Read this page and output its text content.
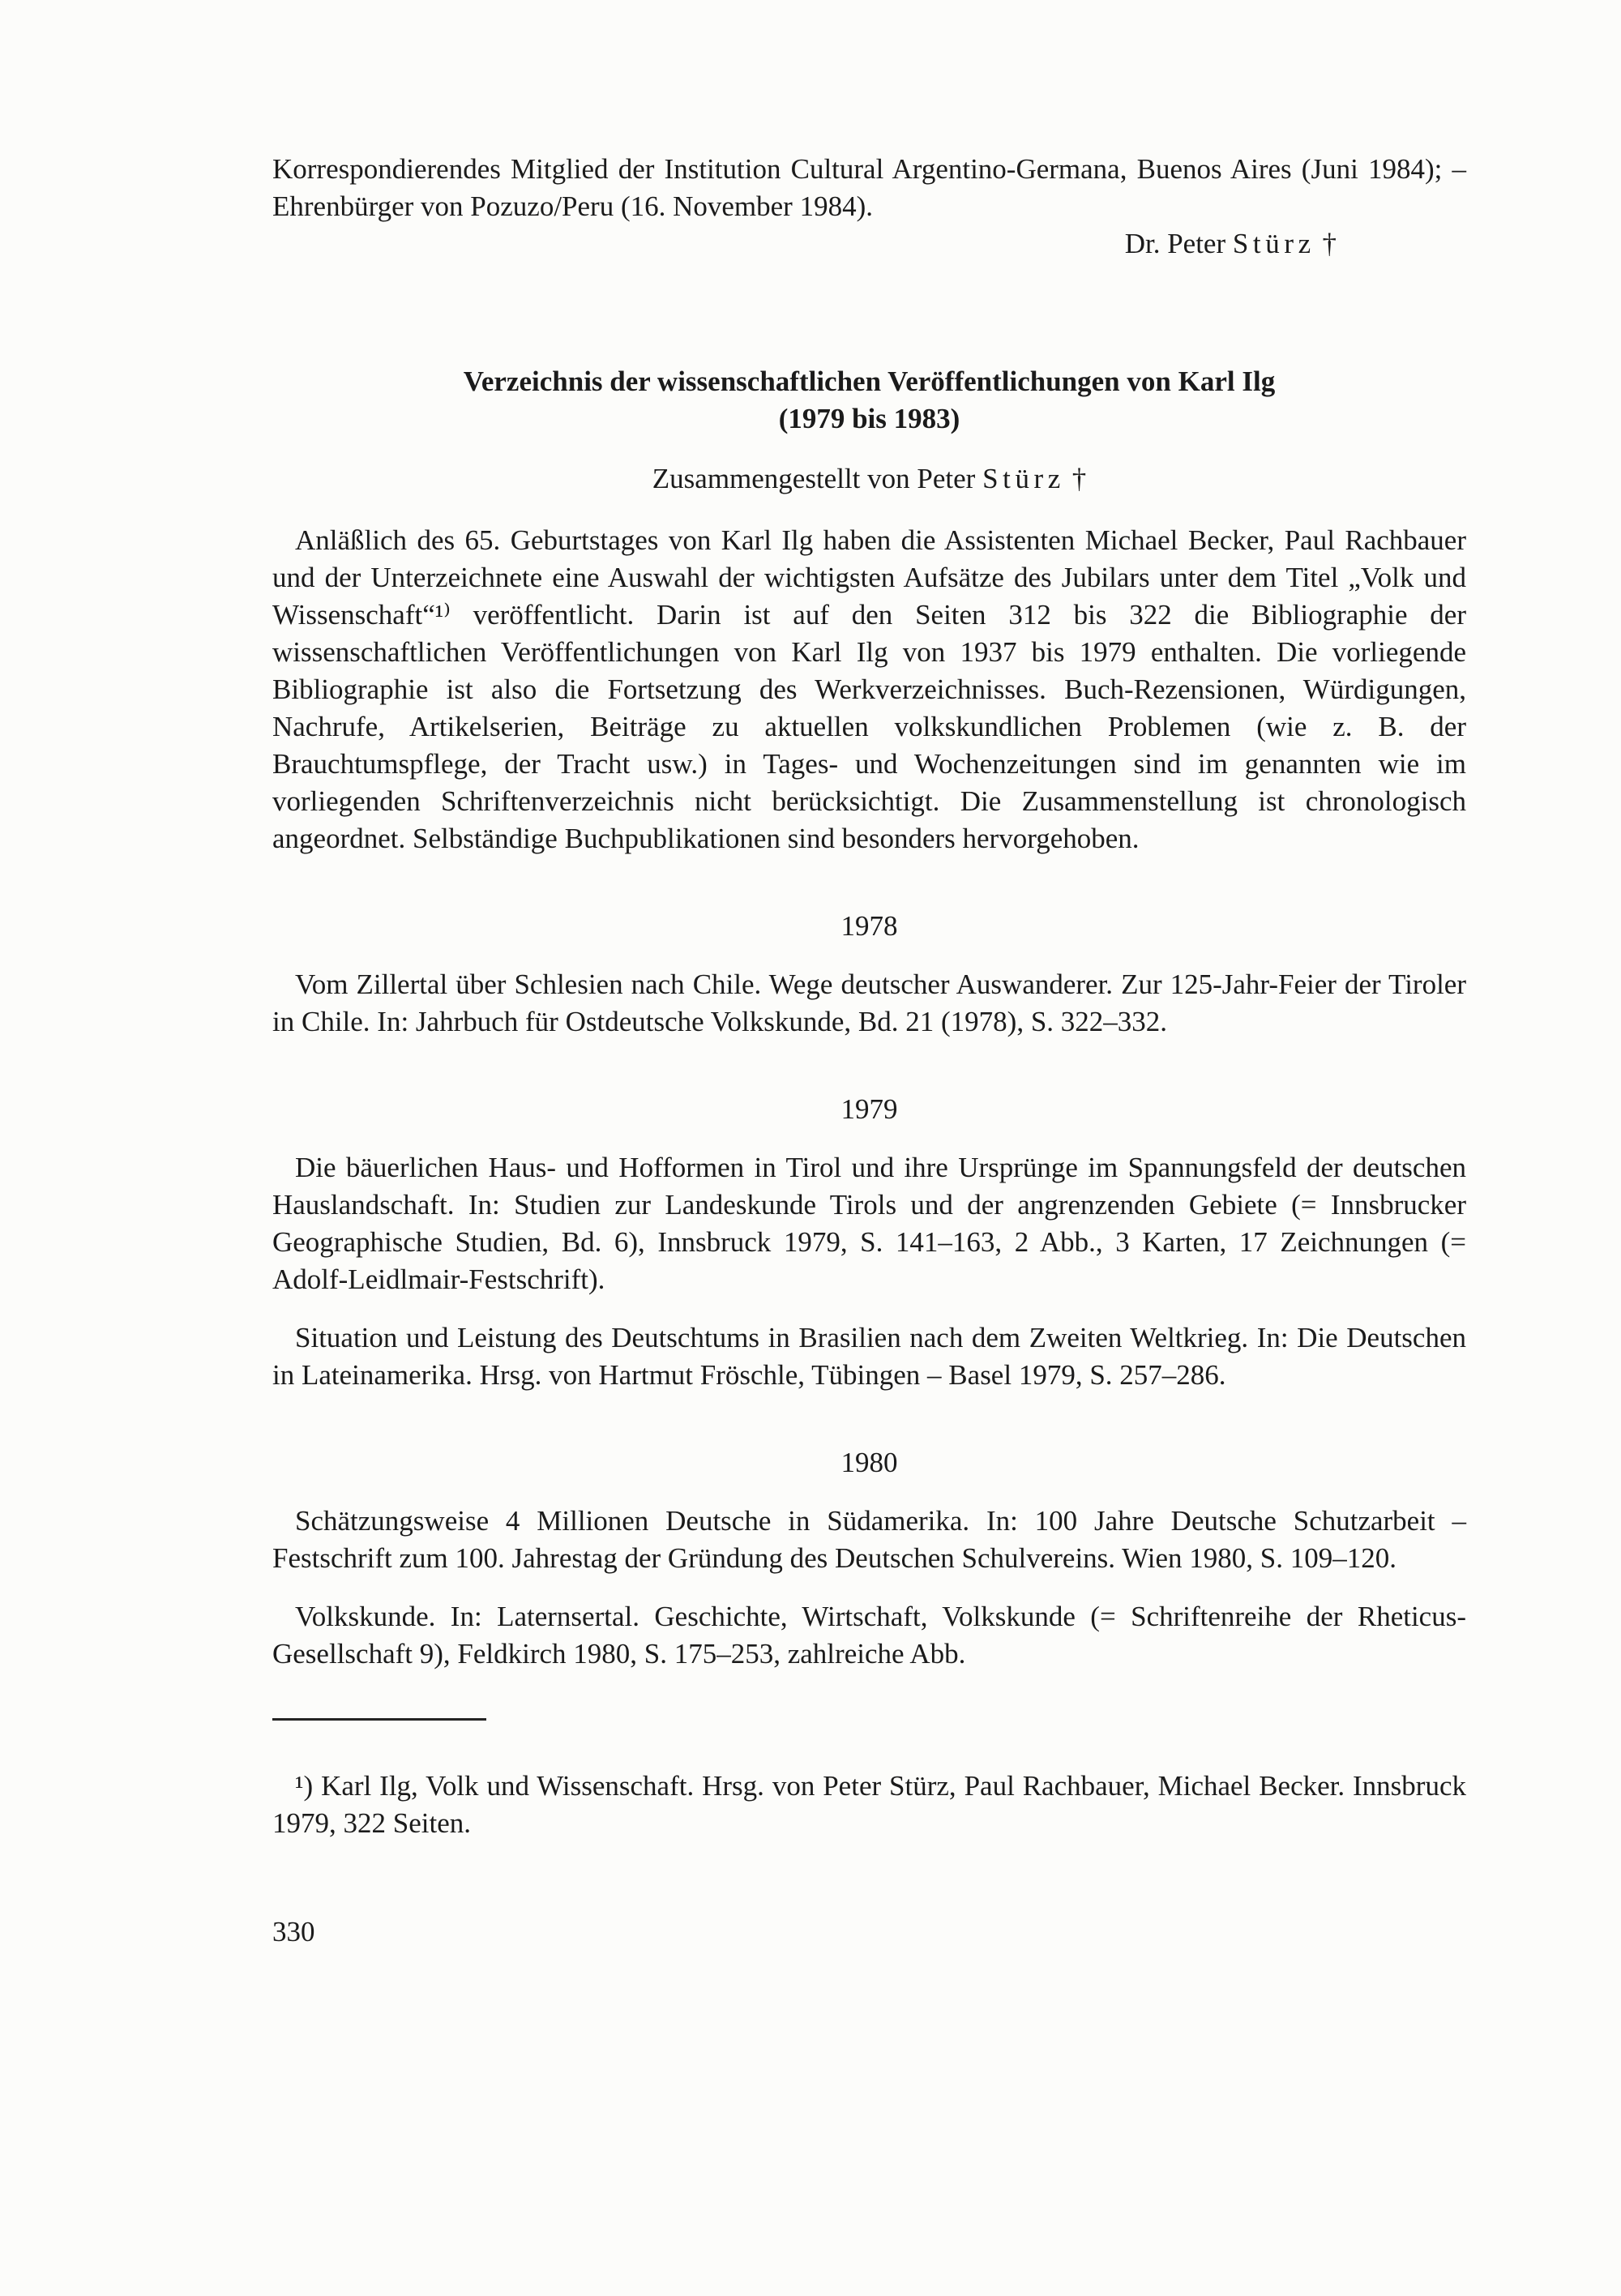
Korrespondierendes Mitglied der Institution Cultural Argentino-Germana, Buenos Aires (Juni 1984); – Ehrenbürger von Pozuzo/Peru (16. November 1984).

Dr. Peter Stürz †

Verzeichnis der wissenschaftlichen Veröffentlichungen von Karl Ilg
(1979 bis 1983)

Zusammengestellt von Peter Stürz †

Anläßlich des 65. Geburtstages von Karl Ilg haben die Assistenten Michael Becker, Paul Rachbauer und der Unterzeichnete eine Auswahl der wichtigsten Aufsätze des Jubilars unter dem Titel „Volk und Wissenschaft“¹⁾ veröffentlicht. Darin ist auf den Seiten 312 bis 322 die Bibliographie der wissenschaftlichen Veröffentlichungen von Karl Ilg von 1937 bis 1979 enthalten. Die vorliegende Bibliographie ist also die Fortsetzung des Werkverzeichnisses. Buch-Rezensionen, Würdigungen, Nachrufe, Artikelserien, Beiträge zu aktuellen volkskundlichen Problemen (wie z. B. der Brauchtumspflege, der Tracht usw.) in Tages- und Wochenzeitungen sind im genannten wie im vorliegenden Schriftenverzeichnis nicht berücksichtigt. Die Zusammenstellung ist chronologisch angeordnet. Selbständige Buchpublikationen sind besonders hervorgehoben.

1978

Vom Zillertal über Schlesien nach Chile. Wege deutscher Auswanderer. Zur 125-Jahr-Feier der Tiroler in Chile. In: Jahrbuch für Ostdeutsche Volkskunde, Bd. 21 (1978), S. 322–332.

1979

Die bäuerlichen Haus- und Hofformen in Tirol und ihre Ursprünge im Spannungsfeld der deutschen Hauslandschaft. In: Studien zur Landeskunde Tirols und der angrenzenden Gebiete (= Innsbrucker Geographische Studien, Bd. 6), Innsbruck 1979, S. 141–163, 2 Abb., 3 Karten, 17 Zeichnungen (= Adolf-Leidlmair-Festschrift).

Situation und Leistung des Deutschtums in Brasilien nach dem Zweiten Weltkrieg. In: Die Deutschen in Lateinamerika. Hrsg. von Hartmut Fröschle, Tübingen – Basel 1979, S. 257–286.

1980

Schätzungsweise 4 Millionen Deutsche in Südamerika. In: 100 Jahre Deutsche Schutzarbeit – Festschrift zum 100. Jahrestag der Gründung des Deutschen Schulvereins. Wien 1980, S. 109–120.

Volkskunde. In: Laternsertal. Geschichte, Wirtschaft, Volkskunde (= Schriftenreihe der Rheticus-Gesellschaft 9), Feldkirch 1980, S. 175–253, zahlreiche Abb.

¹) Karl Ilg, Volk und Wissenschaft. Hrsg. von Peter Stürz, Paul Rachbauer, Michael Becker. Innsbruck 1979, 322 Seiten.

330
